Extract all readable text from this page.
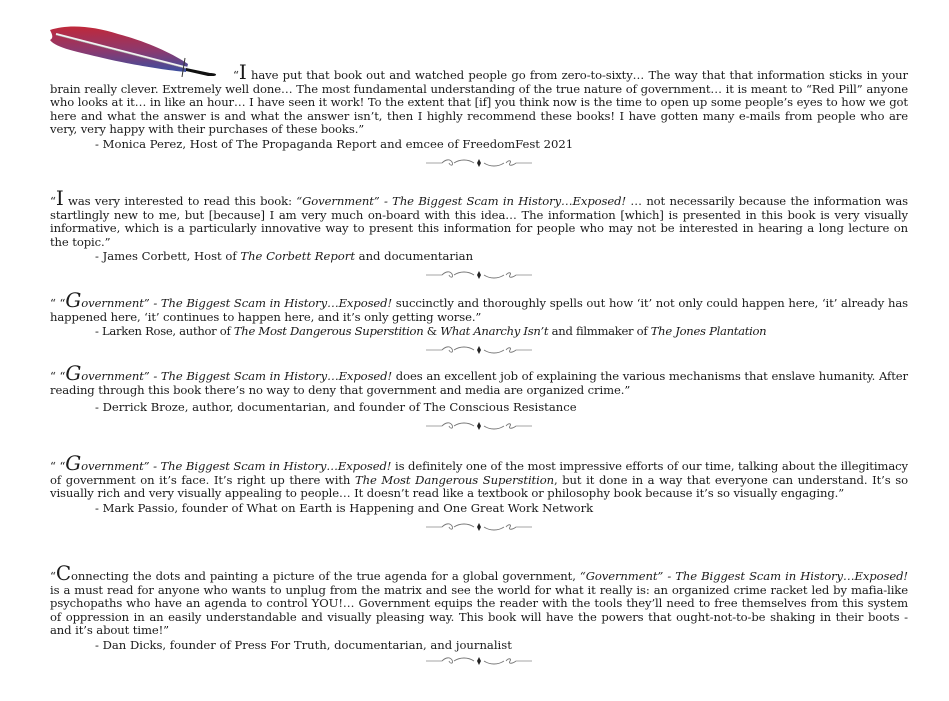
“I have put that book out and watched people go from zero-to-sixty… The way that that information sticks in your brain really clever. Extremely well done… The most fundamental understanding of the true nature of government… it is meant to “Red Pill” anyone who looks at it… in like an hour… I have seen it work! To the extent that [if] you think now is the time to open up some people’s eyes to how we got here and what the answer is and what the answer isn’t, then I highly recommend these books! I have gotten many e-mails from people who are very, very happy with their purchases of these books.”

- Monica Perez, Host of The Propaganda Report and emcee of FreedomFest 2021

“I was very interested to read this book: “Government” - The Biggest Scam in History…Exposed! … not necessarily because the information was startlingly new to me, but [because] I am very much on-board with this idea… The information [which] is presented in this book is very visually informative, which is a particularly innovative way to present this information for people who may not be interested in hearing a long lecture on the topic.”

- James Corbett, Host of The Corbett Report and documentarian

“ “Government” - The Biggest Scam in History…Exposed! succinctly and thoroughly spells out how ‘it’ not only could happen here, ‘it’ already has happened here, ‘it’ continues to happen here, and it’s only getting worse.”

- Larken Rose, author of The Most Dangerous Superstition & What Anarchy Isn’t and filmmaker of The Jones Plantation

“ “Government” - The Biggest Scam in History…Exposed! does an excellent job of explaining the various mechanisms that enslave humanity. After reading through this book there’s no way to deny that government and media are organized crime.”

- Derrick Broze, author, documentarian, and founder of The Conscious Resistance

“ “Government” - The Biggest Scam in History…Exposed! is definitely one of the most impressive efforts of our time, talking about the illegitimacy of government on it’s face. It’s right up there with The Most Dangerous Superstition, but it done in a way that everyone can understand. It’s so visually rich and very visually appealing to people… It doesn’t read like a textbook or philosophy book because it’s so visually engaging.”

- Mark Passio, founder of What on Earth is Happening and One Great Work Network

“Connecting the dots and painting a picture of the true agenda for a global government, “Government” - The Biggest Scam in History…Exposed! is a must read for anyone who wants to unplug from the matrix and see the world for what it really is: an organized crime racket led by mafia-like psychopaths who have an agenda to control YOU!… Government equips the reader with the tools they’ll need to free themselves from this system of oppression in an easily understandable and visually pleasing way. This book will have the powers that ought-not-to-be shaking in their boots - and it’s about time!”

- Dan Dicks, founder of Press For Truth, documentarian, and journalist
